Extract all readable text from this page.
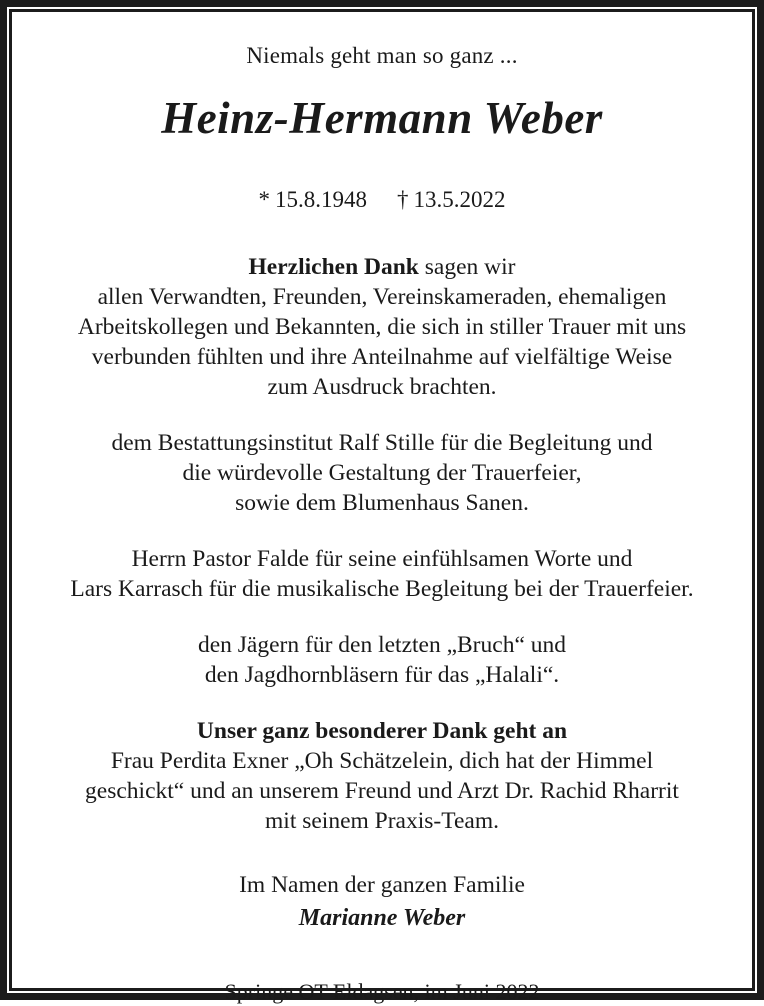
Niemals geht man so ganz ...
Heinz-Hermann Weber
* 15.8.1948 † 13.5.2022

Herzlichen Dank sagen wir
allen Verwandten, Freunden, Vereinskameraden, ehemaligen
Arbeitskollegen und Bekannten, die sich in stiller Trauer mit uns
verbunden fühlten und ihre Anteilnahme auf vielfältige Weise
zum Ausdruck brachten.

dem Bestattungsinstitut Ralf Stille für die Begleitung und
die würdevolle Gestaltung der Trauerfeier,
sowie dem Blumenhaus Sanen.

Herrn Pastor Falde für seine einfühlsamen Worte und
Lars Karrasch für die musikalische Begleitung bei der Trauerfeier.

den Jägern für den letzten „Bruch“ und
den Jagdhornbläsern für das „Halali“.

Unser ganz besonderer Dank geht an
Frau Perdita Exner „Oh Schätzelein, dich hat der Himmel
geschickt“ und an unserem Freund und Arzt Dr. Rachid Rharrit
mit seinem Praxis-Team.

Im Namen der ganzen Familie
Marianne Weber
Springe OT Eldagsen, im Juni 2022
